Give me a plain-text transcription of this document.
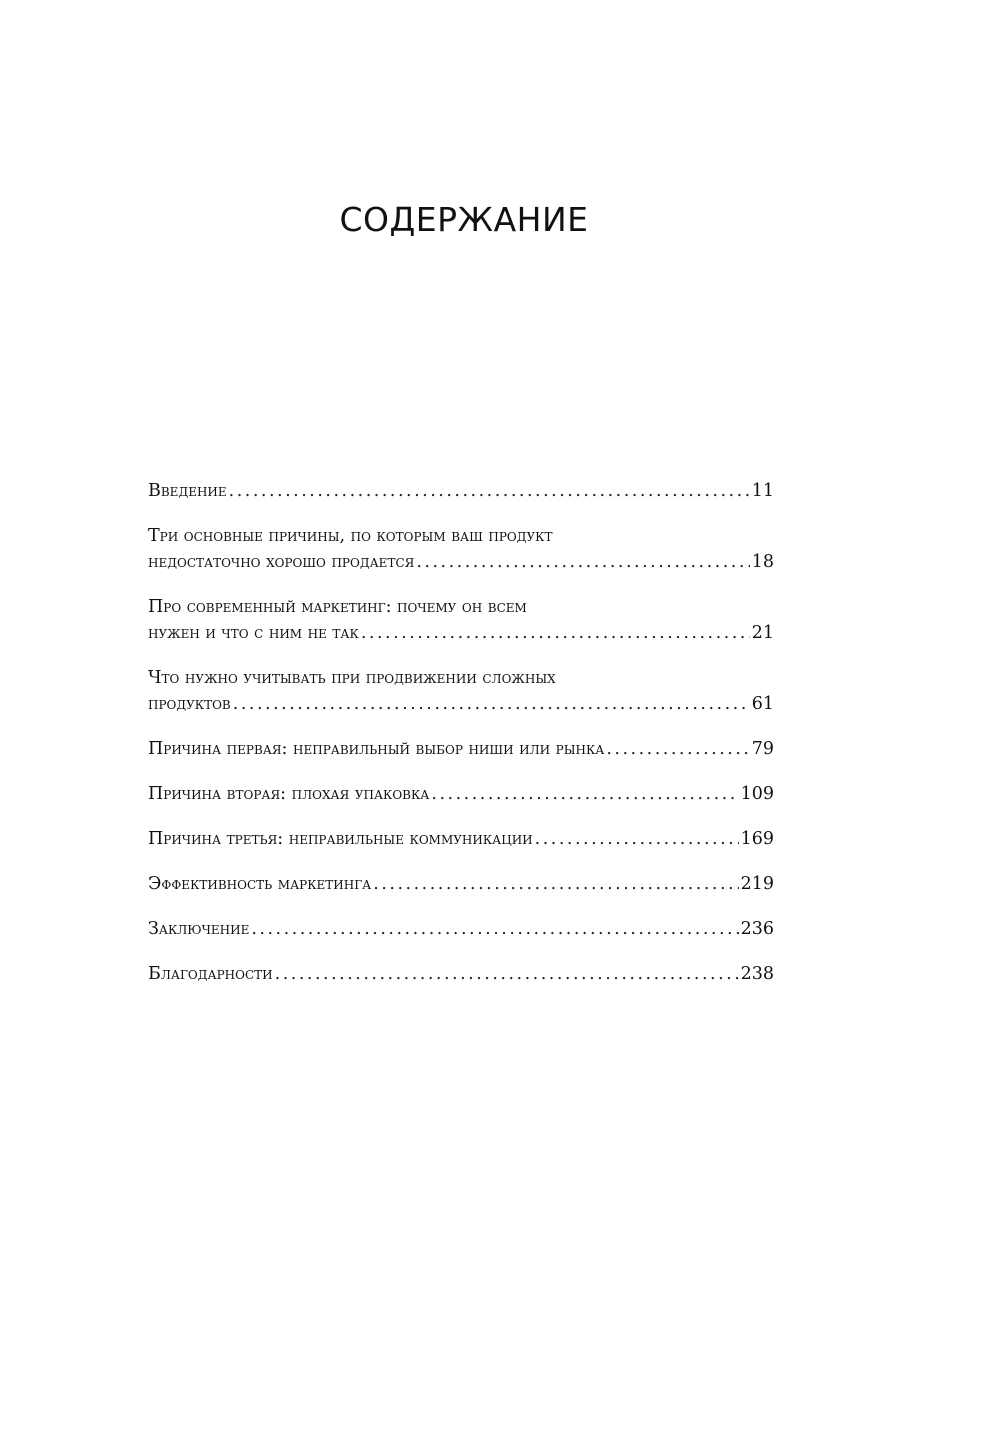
СОДЕРЖАНИЕ
Введение .....	11
Три основные причины, по которым ваш продукт
недостаточно хорошо продается .....	18
Про современный маркетинг: почему он всем
нужен и что с ним не так .....	21
Что нужно учитывать при продвижении сложных
продуктов .....	61
Причина первая: неправильный выбор ниши или рынка .....	79
Причина вторая: плохая упаковка .....	109
Причина третья: неправильные коммуникации .....	169
Эффективность маркетинга .....	219
Заключение .....	236
Благодарности .....	238
